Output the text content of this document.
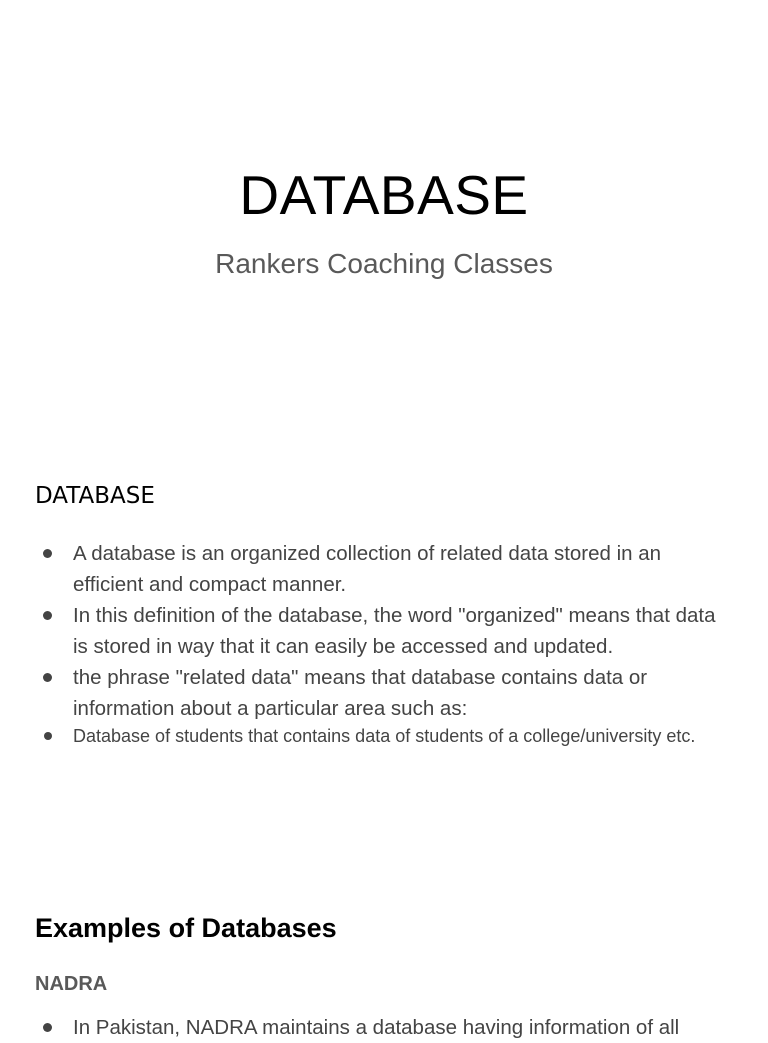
DATABASE
Rankers Coaching Classes
DATABASE
A database is an organized collection of related data stored in an efficient and compact manner.
In this definition of the database, the word "organized" means that data is stored in way that it can easily be accessed and updated.
the phrase "related data" means that database contains data or information about a particular area such as:
Database of students that contains data of students of a college/university etc.
Examples of Databases
NADRA
In Pakistan, NADRA maintains a database having information of all
